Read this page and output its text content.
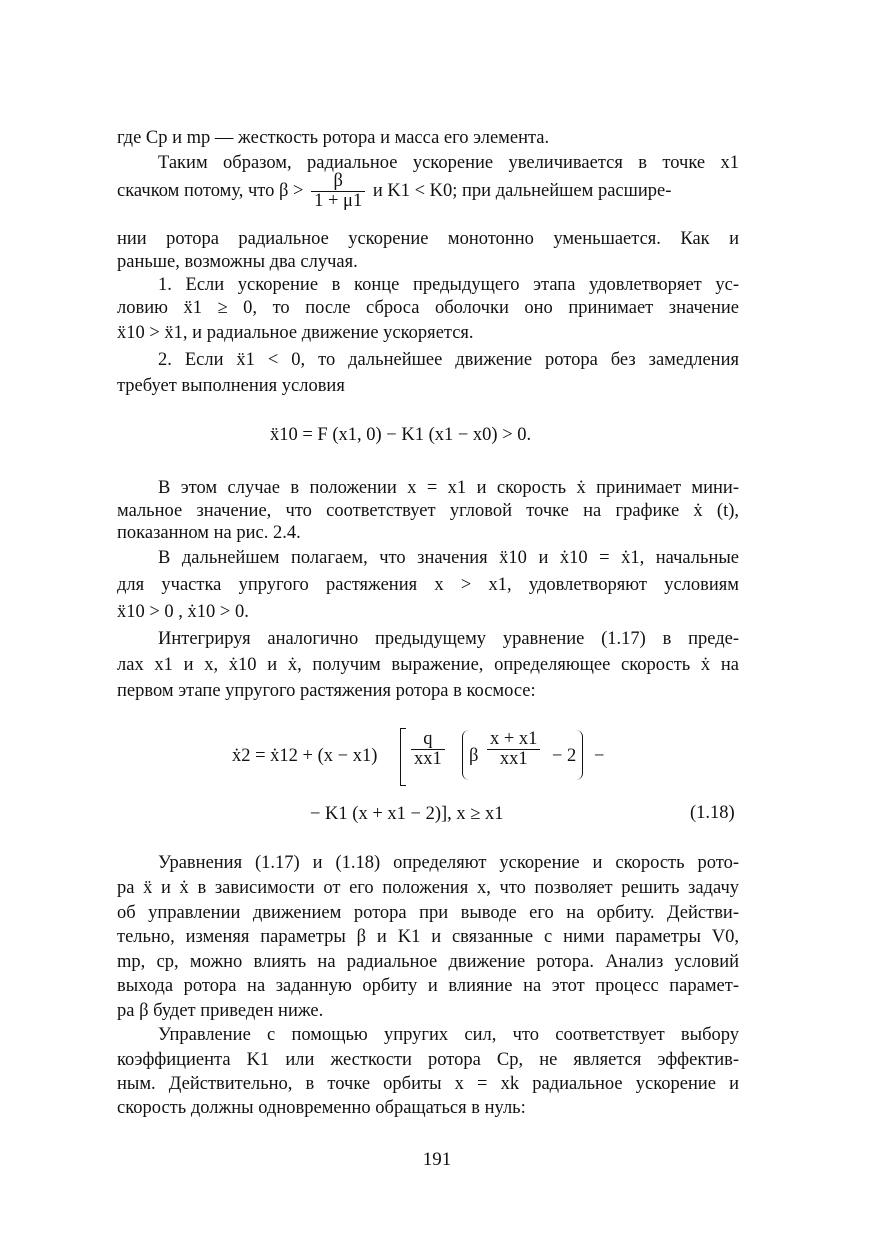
где Cр и mр — жесткость ротора и масса его элемента.
Таким образом, радиальное ускорение увеличивается в точке x1
скачком потому, что $\beta > \frac{\beta}{1 + \mu 1}$ и K1 < K0; при дальнейшем расшире-
нии ротора радиальное ускорение монотонно уменьшается. Как и
раньше, возможны два случая.
1. Если ускорение в конце предыдущего этапа удовлетворяет ус-
ловию ẍ1 ≥ 0, то после сброса оболочки оно принимает значение
ẍ10 > ẍ1, и радиальное движение ускоряется.
2. Если ẍ1 < 0, то дальнейшее движение ротора без замедления
требует выполнения условия
ẍ10 = F (x1, 0) − K1 (x1 − x0) > 0.
В этом случае в положении x = x1 и скорость ẋ принимает мини-
мальное значение, что соответствует угловой точке на графике ẋ (t),
показанном на рис. 2.4.
В дальнейшем полагаем, что значения ẍ10 и ẋ10 = ẋ1, начальные
для участка упругого растяжения x > x1, удовлетворяют условиям
ẍ10 > 0 , ẋ10 > 0.
Интегрируя аналогично предыдущему уравнение (1.17) в преде-
лах x1 и x, ẋ10 и ẋ, получим выражение, определяющее скорость ẋ на
первом этапе упругого растяжения ротора в космосе:
ẋ2 = ẋ12 + $(x - x1) \frac{q}{xx1}$ β $\frac{x + x1}{xx1} - 2$ −
− K1 (x + x1 − 2)], x ≥ x1	(1.18)
Уравнения (1.17) и (1.18) определяют ускорение и скорость рото-
ра ẍ и ẋ в зависимости от его положения x, что позволяет решить задачу
об управлении движением ротора при выводе его на орбиту. Действи-
тельно, изменяя параметры β и K1 и связанные с ними параметры V0,
mр, cр, можно влиять на радиальное движение ротора. Анализ условий
выхода ротора на заданную орбиту и влияние на этот процесс парамет-
ра β будет приведен ниже.
Управление с помощью упругих сил, что соответствует выбору
коэффициента K1 или жесткости ротора Cр, не является эффектив-
ным. Действительно, в точке орбиты x = xk радиальное ускорение и
скорость должны одновременно обращаться в нуль:
191
